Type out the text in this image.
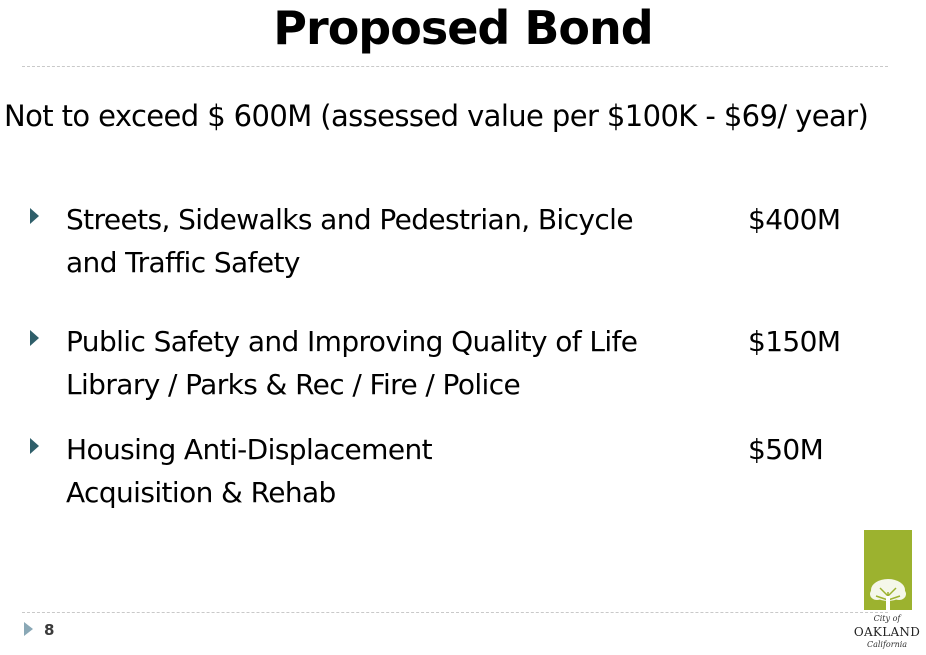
Proposed Bond
Not to exceed $ 600M (assessed value per $100K - $69/ year)
Streets, Sidewalks and Pedestrian, Bicycle
and Traffic Safety
$400M
Public Safety and Improving Quality of Life
Library / Parks & Rec / Fire / Police
$150M
Housing Anti-Displacement
Acquisition & Rehab
$50M
8
City of
OAKLAND
California
